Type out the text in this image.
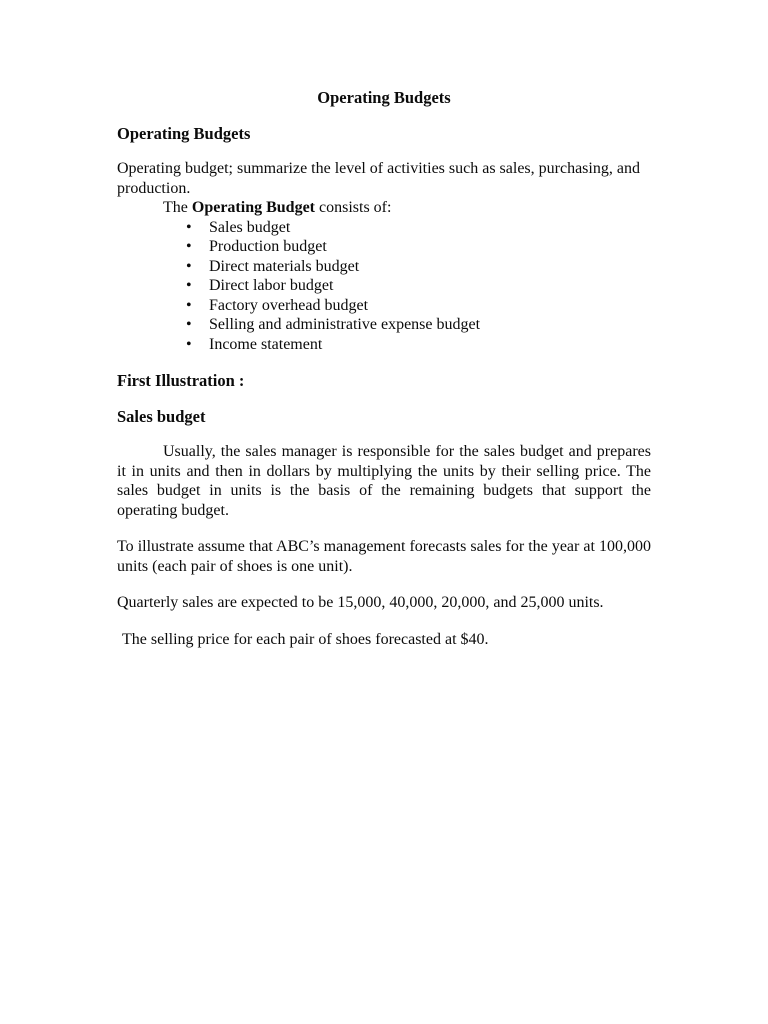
Operating Budgets
Operating Budgets

Operating budget; summarize the level of activities such as sales, purchasing, and production.

The Operating Budget consists of:

• Sales budget
• Production budget
• Direct materials budget
• Direct labor budget
• Factory overhead budget
• Selling and administrative expense budget
• Income statement
First Illustration :
Sales budget

Usually, the sales manager is responsible for the sales budget and prepares it in units and then in dollars by multiplying the units by their selling price. The sales budget in units is the basis of the remaining budgets that support the operating budget.

To illustrate assume that ABC’s management forecasts sales for the year at 100,000 units (each pair of shoes is one unit).

Quarterly sales are expected to be 15,000, 40,000, 20,000, and 25,000 units.

The selling price for each pair of shoes forecasted at $40.
